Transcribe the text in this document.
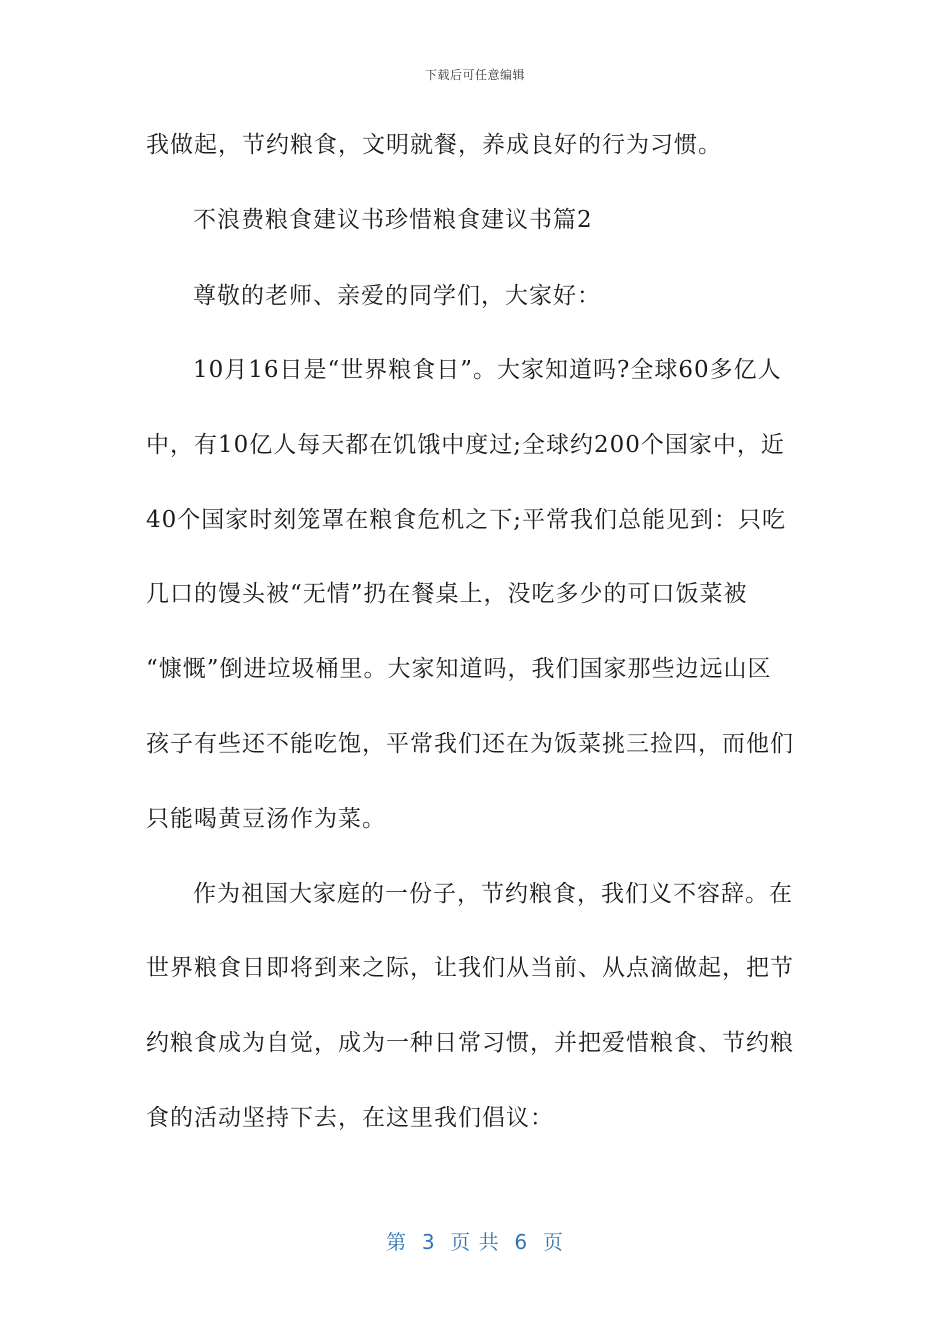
下载后可任意编辑
我做起，节约粮食，文明就餐，养成良好的行为习惯。
不浪费粮食建议书珍惜粮食建议书篇2
尊敬的老师、亲爱的同学们，大家好：
10月16日是“世界粮食日”。大家知道吗?全球60多亿人
中，有10亿人每天都在饥饿中度过;全球约200个国家中，近
40个国家时刻笼罩在粮食危机之下;平常我们总能见到：只吃
几口的馒头被“无情”扔在餐桌上，没吃多少的可口饭菜被
“慷慨”倒进垃圾桶里。大家知道吗，我们国家那些边远山区
孩子有些还不能吃饱，平常我们还在为饭菜挑三捡四，而他们
只能喝黄豆汤作为菜。
作为祖国大家庭的一份子，节约粮食，我们义不容辞。在
世界粮食日即将到来之际，让我们从当前、从点滴做起，把节
约粮食成为自觉，成为一种日常习惯，并把爱惜粮食、节约粮
食的活动坚持下去，在这里我们倡议：
第  3  页 共  6  页
